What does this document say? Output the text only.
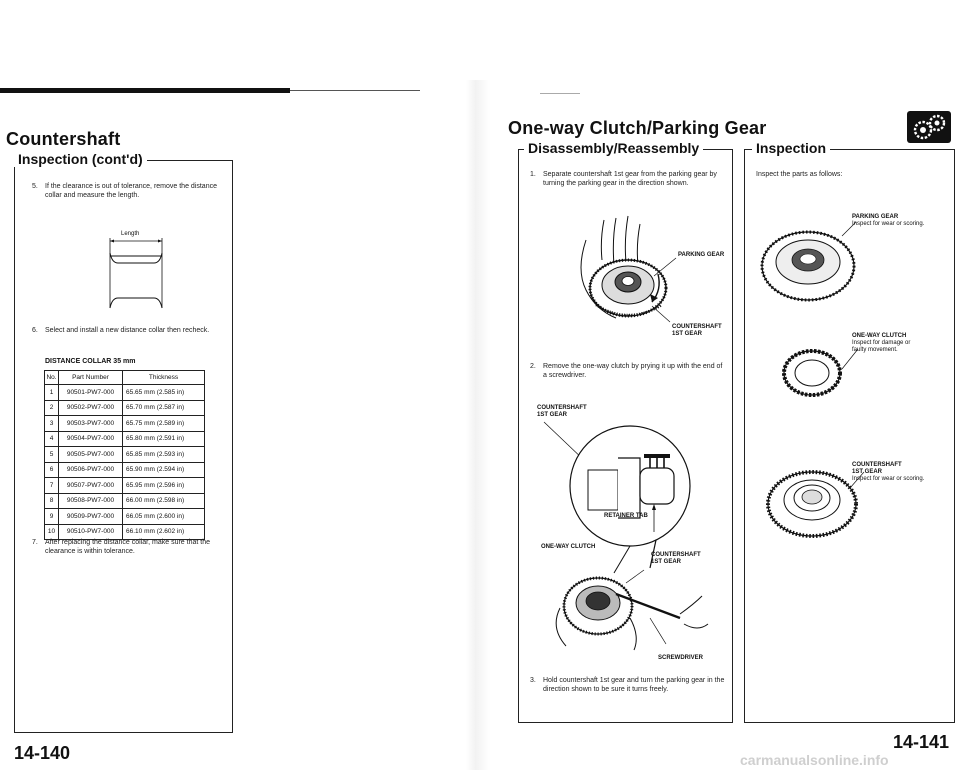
Countershaft
Inspection (cont'd)
5.	If the clearance is out of tolerance, remove the distance collar and measure the length.
Length
6.	Select and install a new distance collar then recheck.
DISTANCE COLLAR 35 mm
No.	Part Number	Thickness
1	90501-PW7-000	65.65 mm (2.585 in)
2	90502-PW7-000	65.70 mm (2.587 in)
3	90503-PW7-000	65.75 mm (2.589 in)
4	90504-PW7-000	65.80 mm (2.591 in)
5	90505-PW7-000	65.85 mm (2.593 in)
6	90506-PW7-000	65.90 mm (2.594 in)
7	90507-PW7-000	65.95 mm (2.596 in)
8	90508-PW7-000	66.00 mm (2.598 in)
9	90509-PW7-000	66.05 mm (2.600 in)
10	90510-PW7-000	66.10 mm (2.602 in)
7.	After replacing the distance collar, make sure that the clearance is within tolerance.
14-140
One-way Clutch/Parking Gear
Disassembly/Reassembly
1.	Separate countershaft 1st gear from the parking gear by turning the parking gear in the direction shown.
PARKING GEAR
COUNTERSHAFT
1ST GEAR
2.	Remove the one-way clutch by prying it up with the end of a screwdriver.
COUNTERSHAFT
1ST GEAR
RETAINER TAB
ONE-WAY CLUTCH
COUNTERSHAFT
1ST GEAR
SCREWDRIVER
3.	Hold countershaft 1st gear and turn the parking gear in the direction shown to be sure it turns freely.
Inspection
Inspect the parts as follows:
PARKING GEAR
Inspect for wear or scoring.
ONE-WAY CLUTCH
Inspect for damage or
faulty movement.
COUNTERSHAFT
1ST GEAR
Inspect for wear or scoring.
14-141
carmanualsonline.info
